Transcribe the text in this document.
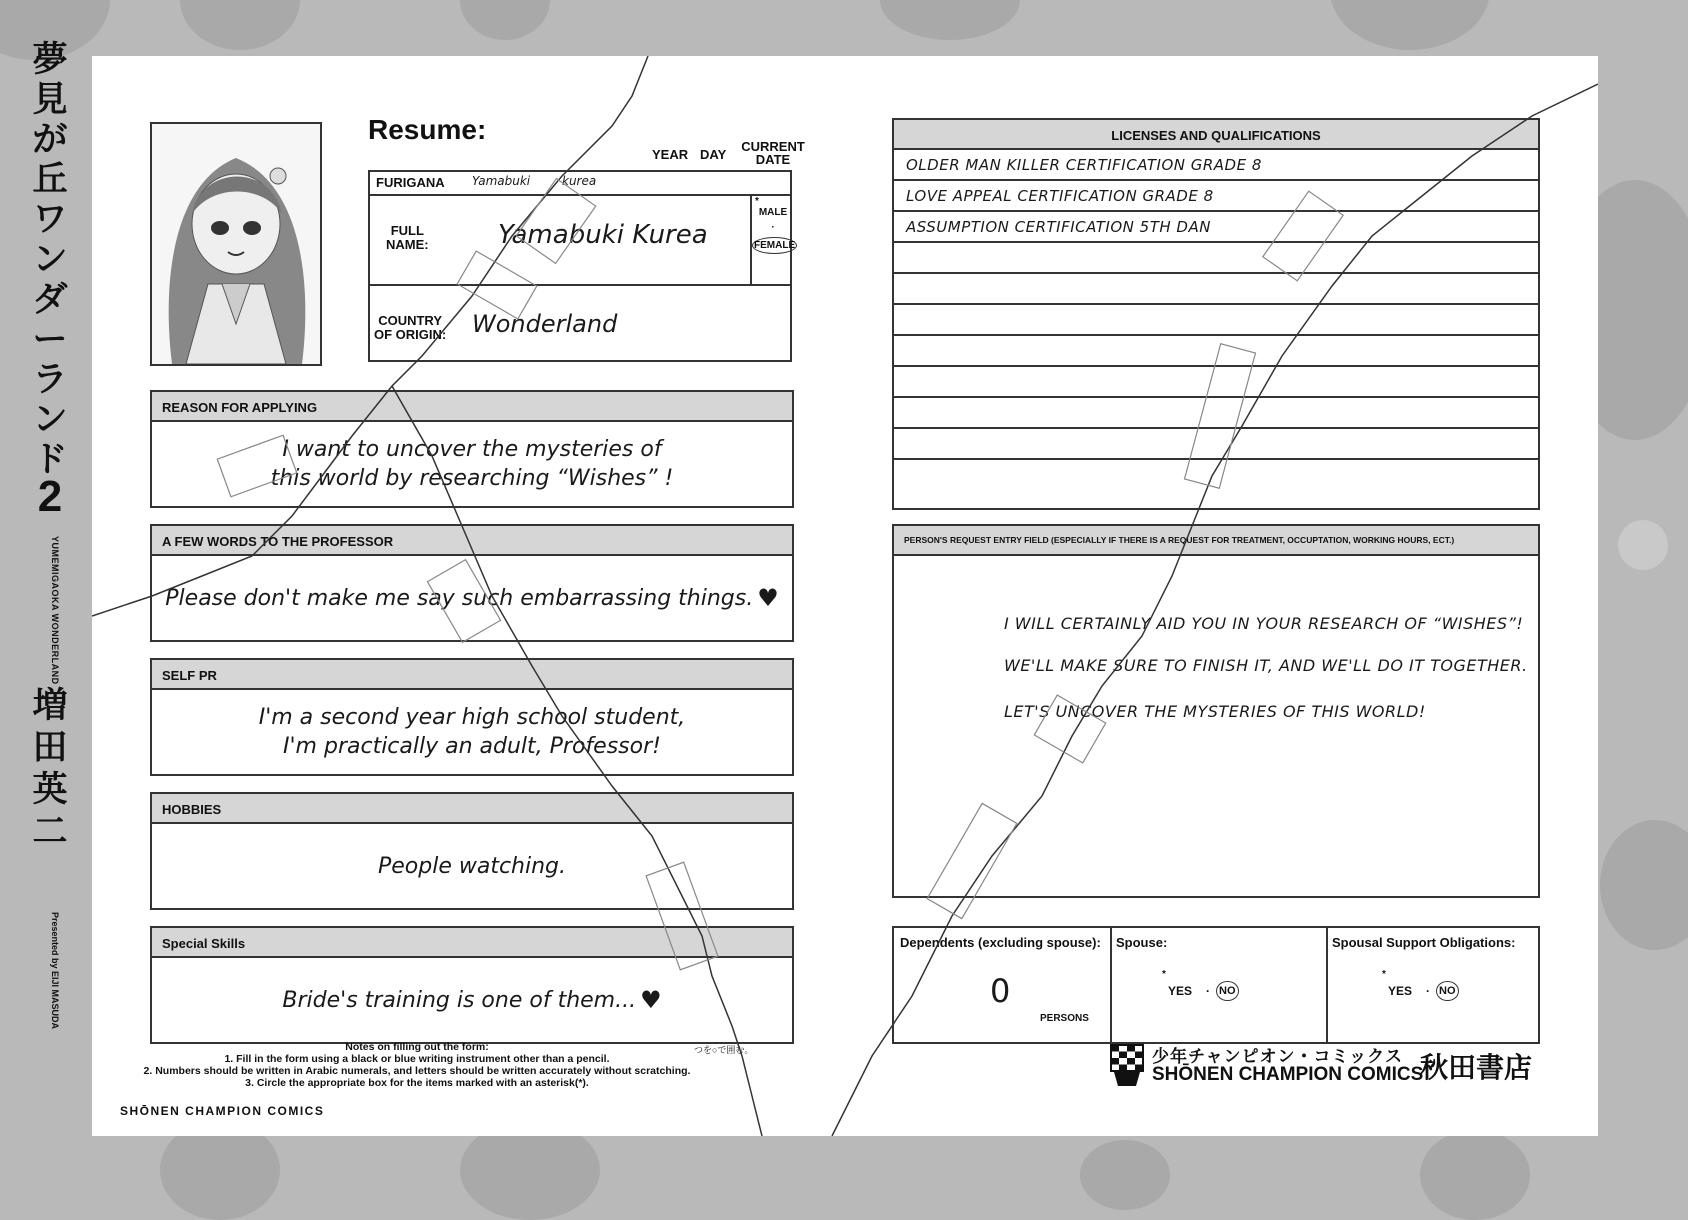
夢見が丘ワンダーランド
2
YUMEMIGAOKA WONDERLAND
増田英二
Presented by EIJI MASUDA
Resume:
YEAR DAY
CURRENT
DATE
FURIGANA Yamabuki	kurea
FULL
NAME:	Yamabuki Kurea
*
MALE
·
FEMALE
COUNTRY
OF ORIGIN: Wonderland
REASON FOR APPLYING
I want to uncover the mysteries of
this world by researching “Wishes” !
A FEW WORDS TO THE PROFESSOR
Please don't make me say such embarrassing things. ♥
SELF PR
I'm a second year high school student,
I'm practically an adult, Professor!
HOBBIES
People watching.
Special Skills
Bride's training is one of them... ♥
Notes on filling out the form:
1. Fill in the form using a black or blue writing instrument other than a pencil.
2. Numbers should be written in Arabic numerals, and letters should be written accurately without scratching.
3. Circle the appropriate box for the items marked with an asterisk(*).
つを○で囲む。
SHŌNEN CHAMPION COMICS
LICENSES AND QUALIFICATIONS
OLDER MAN KILLER CERTIFICATION GRADE 8
LOVE APPEAL CERTIFICATION GRADE 8
ASSUMPTION CERTIFICATION 5TH DAN
PERSON'S REQUEST ENTRY FIELD (ESPECIALLY IF THERE IS A REQUEST FOR TREATMENT, OCCUPTATION, WORKING HOURS, ECT.)
I WILL CERTAINLY AID YOU IN YOUR RESEARCH OF “WISHES”!
WE'LL MAKE SURE TO FINISH IT, AND WE'LL DO IT TOGETHER.
LET'S UNCOVER THE MYSTERIES OF THIS WORLD!
Dependents (excluding spouse):
0
PERSONS
Spouse:
*
YES · NO
Spousal Support Obligations:
*
YES · NO
少年チャンピオン・コミックス
SHŌNEN CHAMPION COMICS
秋田書店
